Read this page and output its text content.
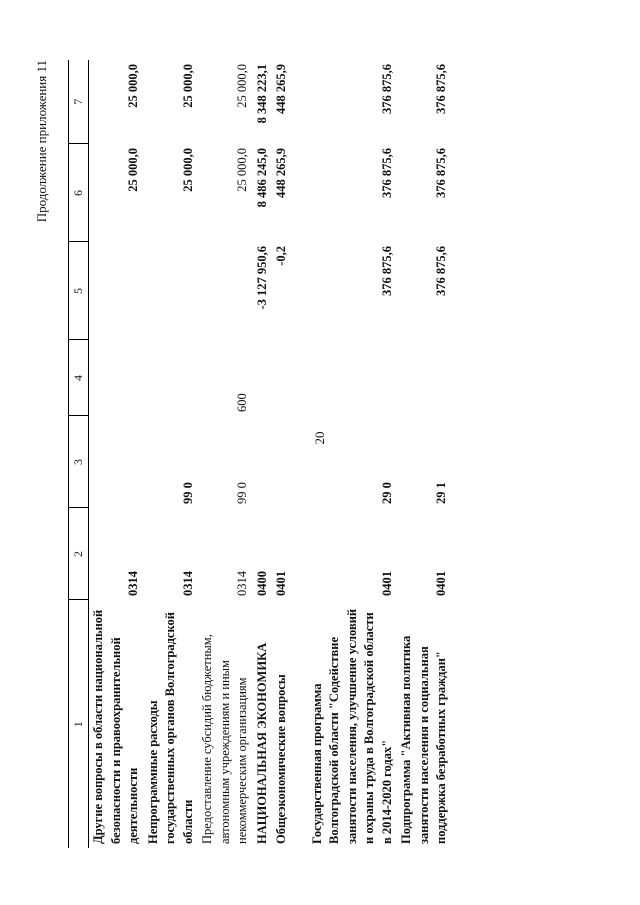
20
Продолжение приложения 11
1	2	3	4	5	6	7
Другие вопросы в области национальной безопасности и правоохранительной деятельности	0314				25 000,0	25 000,0
Непрограммные расходы государственных органов Волгоградской области	0314	99 0			25 000,0	25 000,0
Предоставление субсидий бюджетным, автономным учреждениям и иным некоммерческим организациям	0314	99 0	600		25 000,0	25 000,0
НАЦИОНАЛЬНАЯ ЭКОНОМИКА	0400			-3 127 950,6	8 486 245,0	8 348 223,1
Общеэкономические вопросы	0401			-0,2	448 265,9	448 265,9

Государственная программа Волгоградской области "Содействие занятости населения, улучшение условий и охраны труда в Волгоградской области в 2014-2020 годах"	0401	29 0		376 875,6	376 875,6	376 875,6
Подпрограмма "Активная политика занятости населения и социальная поддержка безработных граждан"	0401	29 1		376 875,6	376 875,6	376 875,6
